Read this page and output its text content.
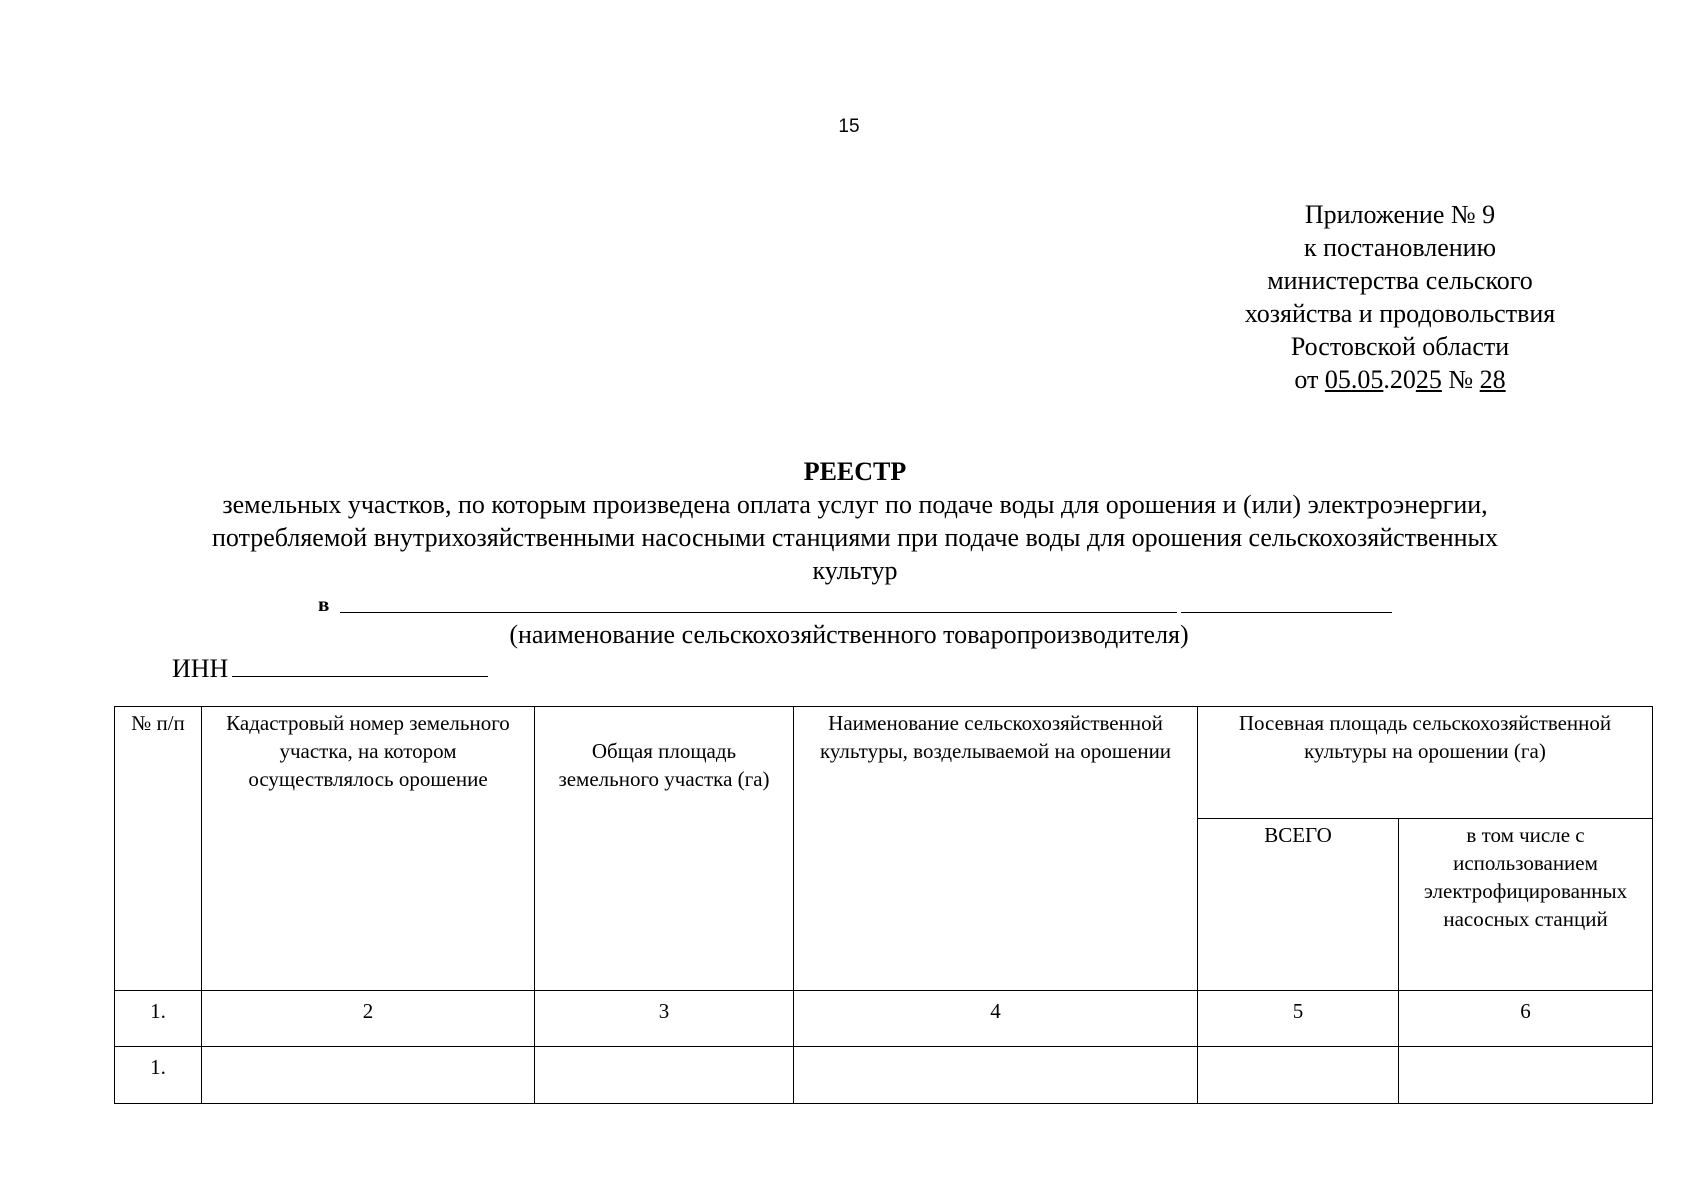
15
Приложение № 9
к постановлению
министерства сельского
хозяйства и продовольствия
Ростовской области
от 05.05.2025 № 28
РЕЕСТР
земельных участков, по которым произведена оплата услуг по подаче воды для орошения и (или) электроэнергии,
потребляемой внутрихозяйственными насосными станциями при подаче воды для орошения сельскохозяйственных
культур
в
(наименование сельскохозяйственного товаропроизводителя)
ИНН
№ п/п	Кадастровый номер земельного участка, на котором осуществлялось орошение	Общая площадь земельного участка (га)	Наименование сельскохозяйственной культуры, возделываемой на орошении	Посевная площадь сельскохозяйственной культуры на орошении (га)	
				ВСЕГО	в том числе с использованием электрофицированных насосных станций
1.	2	3	4	5	6
1.					
